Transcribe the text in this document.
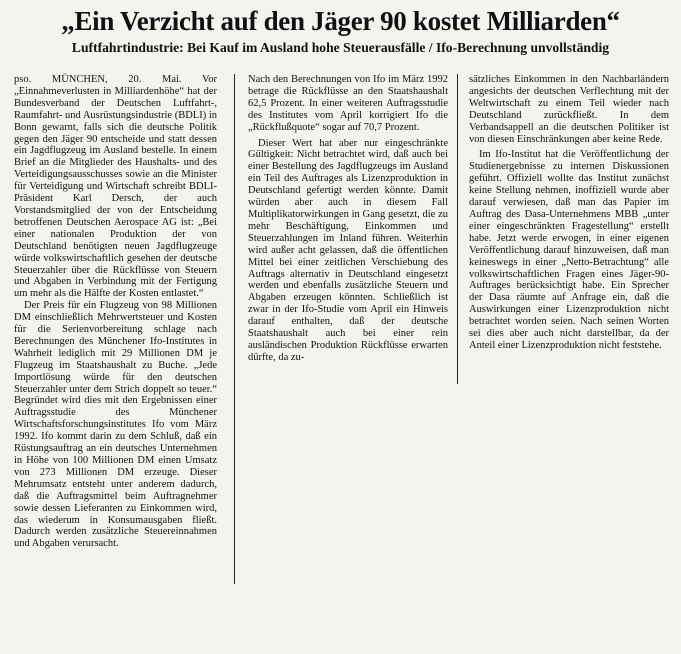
„Ein Verzicht auf den Jäger 90 kostet Milliarden“
Luftfahrtindustrie: Bei Kauf im Ausland hohe Steuerausfälle / Ifo-Berechnung unvollständig

pso. MÜNCHEN, 20. Mai. Vor „Einnahmeverlusten in Milliardenhöhe“ hat der Bundesverband der Deutschen Luftfahrt-, Raumfahrt- und Ausrüstungsindustrie (BDLI) in Bonn gewarnt, falls sich die deutsche Politik gegen den Jäger 90 entscheide und statt dessen ein Jagdflugzeug im Ausland bestelle. In einem Brief an die Mitglieder des Haushalts- und des Verteidigungsausschusses sowie an die Minister für Verteidigung und Wirtschaft schreibt BDLI-Präsident Karl Dersch, der auch Vorstandsmitglied der von der Entscheidung betroffenen Deutschen Aerospace AG ist: „Bei einer nationalen Produktion der von Deutschland benötigten neuen Jagdflugzeuge würde volkswirtschaftlich gesehen der deutsche Steuerzahler über die Rückflüsse von Steuern und Abgaben in Verbindung mit der Fertigung um mehr als die Hälfte der Kosten entlastet.“

Der Preis für ein Flugzeug von 98 Millionen DM einschließlich Mehrwertsteuer und Kosten für die Serienvorbereitung schlage nach Berechnungen des Münchener Ifo-Institutes in Wahrheit lediglich mit 29 Millionen DM je Flugzeug im Staatshaushalt zu Buche. „Jede Importlösung würde für den deutschen Steuerzahler unter dem Strich doppelt so teuer.“ Begründet wird dies mit den Ergebnissen einer Auftragsstudie des Münchener Wirtschaftsforschungsinstitutes Ifo vom März 1992. Ifo kommt darin zu dem Schluß, daß ein Rüstungsauftrag an ein deutsches Unternehmen in Höhe von 100 Millionen DM einen Umsatz von 273 Millionen DM erzeuge. Dieser Mehrumsatz entsteht unter anderem dadurch, daß die Auftragsmittel beim Auftragnehmer sowie dessen Lieferanten zu Einkommen wird, das wiederum in Konsumausgaben fließt. Dadurch werden zusätzliche Steuereinnahmen und Abgaben verursacht.

Nach den Berechnungen von Ifo im März 1992 betrage die Rückflüsse an den Staatshaushalt 62,5 Prozent. In einer weiteren Auftragsstudie des Institutes vom April korrigiert Ifo die „Rückflußquote“ sogar auf 70,7 Prozent.

Dieser Wert hat aber nur eingeschränkte Gültigkeit: Nicht betrachtet wird, daß auch bei einer Bestellung des Jagdflugzeugs im Ausland ein Teil des Auftrages als Lizenzproduktion in Deutschland gefertigt werden könnte. Damit würden aber auch in diesem Fall Multiplikatorwirkungen in Gang gesetzt, die zu mehr Beschäftigung, Einkommen und Steuerzahlungen im Inland führen. Weiterhin wird außer acht gelassen, daß die öffentlichen Mittel bei einer zeitlichen Verschiebung des Auftrags alternativ in Deutschland eingesetzt werden und ebenfalls zusätzliche Steuern und Abgaben erzeugen könnten. Schließlich ist zwar in der Ifo-Studie vom April ein Hinweis darauf enthalten, daß der deutsche Staatshaushalt auch bei einer rein ausländischen Produktion Rückflüsse erwarten dürfte, da zu-

sätzliches Einkommen in den Nachbarländern angesichts der deutschen Verflechtung mit der Weltwirtschaft zu einem Teil wieder nach Deutschland zurückfließt. In dem Verbandsappell an die deutschen Politiker ist von diesen Einschränkungen aber keine Rede.

Im Ifo-Institut hat die Veröffentlichung der Studienergebnisse zu internen Diskussionen geführt. Offiziell wollte das Institut zunächst keine Stellung nehmen, inoffiziell wurde aber darauf verwiesen, daß man das Papier im Auftrag des Dasa-Unternehmens MBB „unter einer eingeschränkten Fragestellung“ erstellt habe. Jetzt werde erwogen, in einer eigenen Veröffentlichung darauf hinzuweisen, daß man keineswegs in einer „Netto-Betrachtung“ alle volkswirtschaftlichen Fragen eines Jäger-90-Auftrages berücksichtigt habe. Ein Sprecher der Dasa räumte auf Anfrage ein, daß die Auswirkungen einer Lizenzproduktion nicht betrachtet worden seien. Nach seinen Worten sei dies aber auch nicht darstellbar, da der Anteil einer Lizenzproduktion nicht feststehe.
